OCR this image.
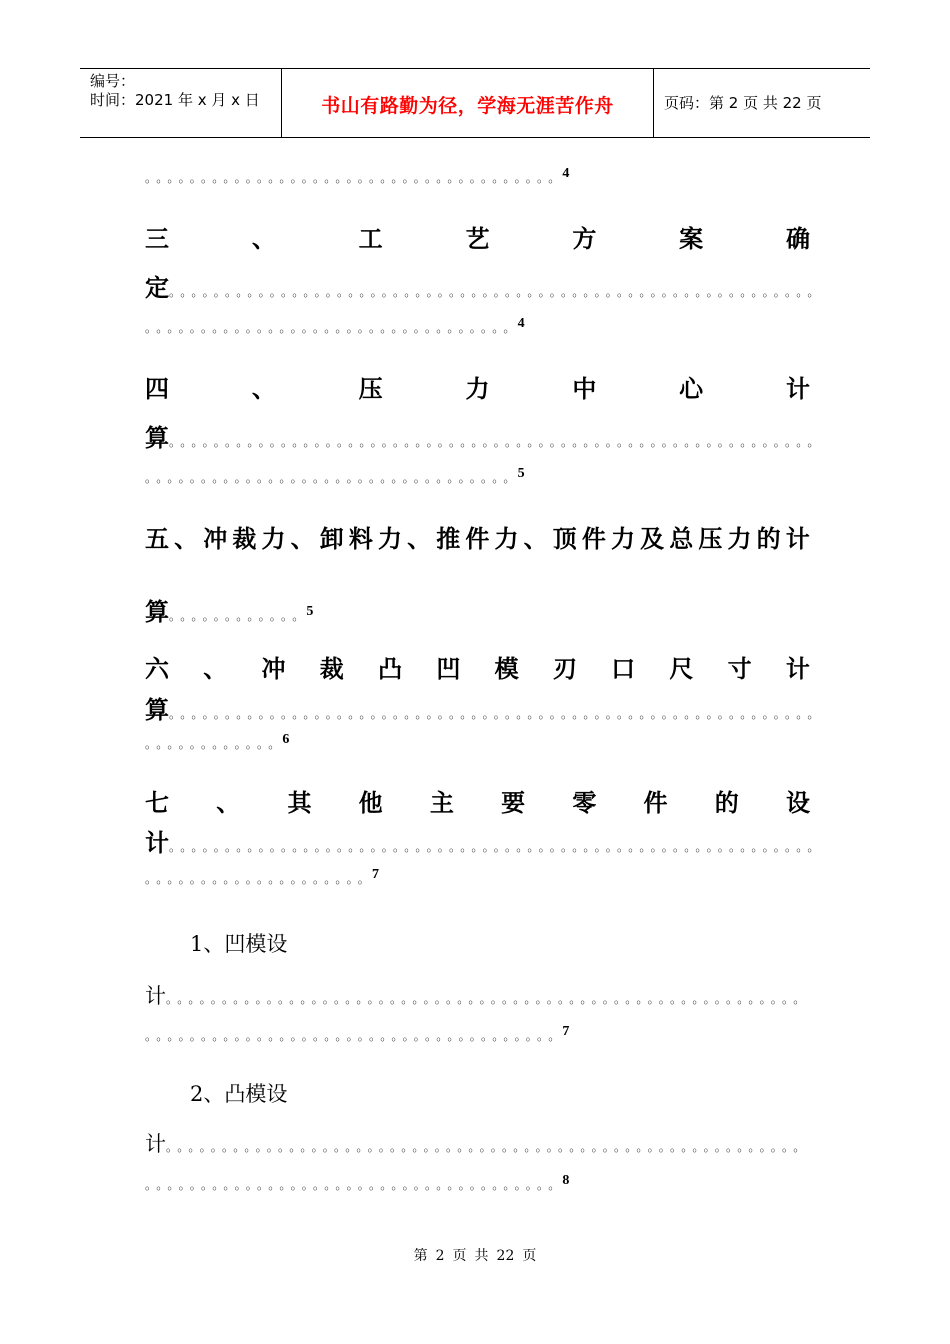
编号：
时间：2021 年 x 月 x 日	书山有路勤为径，学海无涯苦作舟	页码：第 2 页 共 22 页
。。。。。。。。。。。。。。。。。。。。。。。。。。。。。。。。。。。。。4
三	、	工	艺	方	案	确
定。。。。。。。。。。。。。。。。。。。。。。。。。。。。。。。。。。。。。。。。。。。。。。。。。。。。。。。。。。
。。。。。。。。。。。。。。。。。。。。。。。。。。。。。。。。。4
四	、	压	力	中	心	计
算。。。。。。。。。。。。。。。。。。。。。。。。。。。。。。。。。。。。。。。。。。。。。。。。。。。。。。。。。。
。。。。。。。。。。。。。。。。。。。。。。。。。。。。。。。。。5
五 、 冲 裁 力 、 卸 料 力 、 推 件 力 、 顶 件 力 及 总 压 力 的 计
算。。。。。。。。。。。。5
六 、 冲 裁 凸 凹 模 刃 口 尺 寸 计
算。。。。。。。。。。。。。。。。。。。。。。。。。。。。。。。。。。。。。。。。。。。。。。。。。。。。。。。。。。
。。。。。。。。。。。。6
七 、 其 他 主 要 零 件 的 设
计。。。。。。。。。。。。。。。。。。。。。。。。。。。。。。。。。。。。。。。。。。。。。。。。。。。。。。。。。。
。。。。。。。。。。。。。。。。。。。。7
1、凹模设
计。。。。。。。。。。。。。。。。。。。。。。。。。。。。。。。。。。。。。。。。。。。。。。。。。。。。。。。。。
。。。。。。。。。。。。。。。。。。。。。。。。。。。。。。。。。。。。。7
2、凸模设
计。。。。。。。。。。。。。。。。。。。。。。。。。。。。。。。。。。。。。。。。。。。。。。。。。。。。。。。。。
。。。。。。。。。。。。。。。。。。。。。。。。。。。。。。。。。。。。。8
第 2 页 共 22 页
